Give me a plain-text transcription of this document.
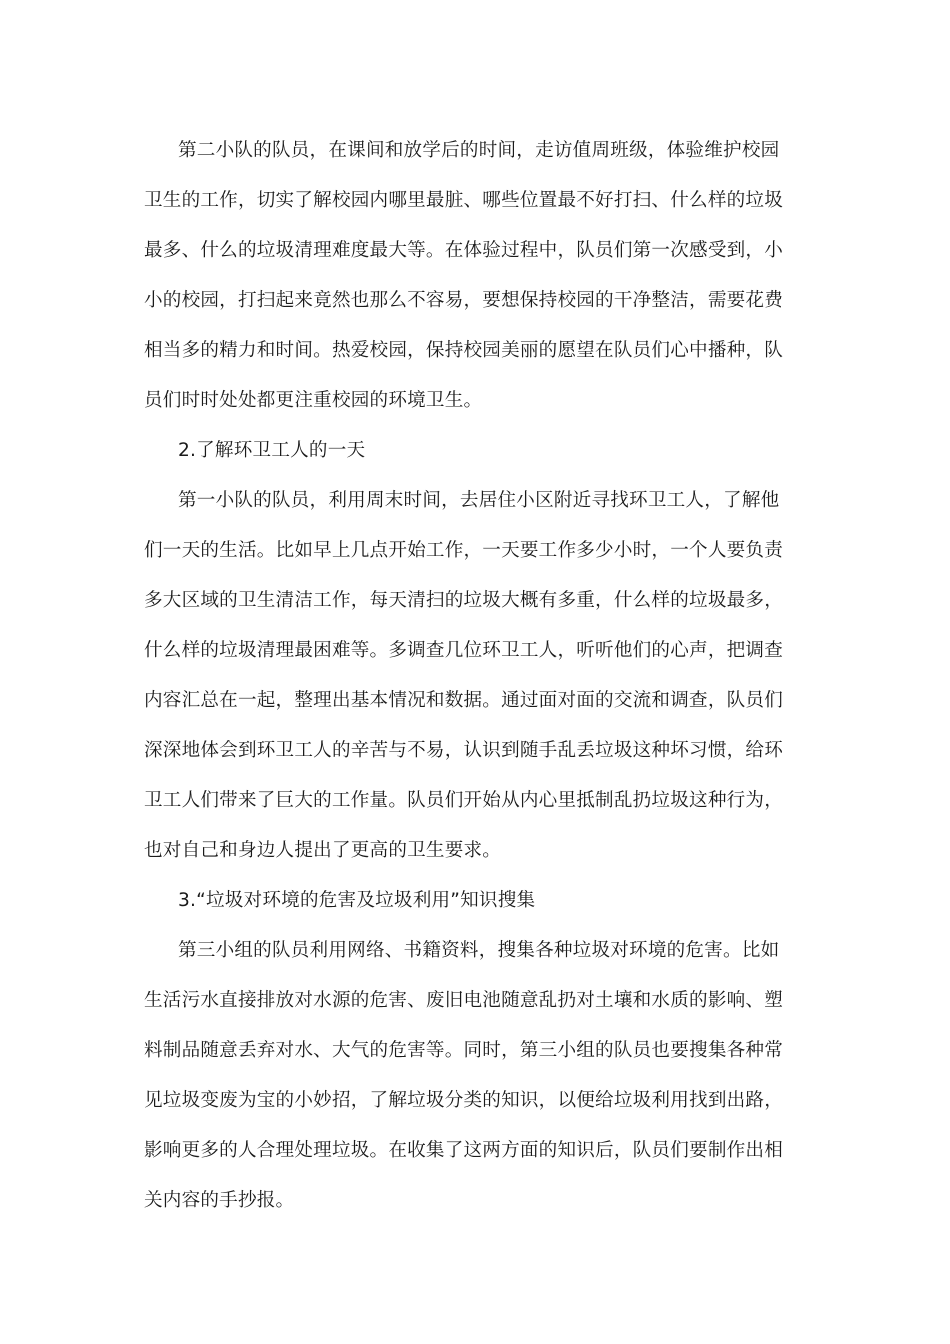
第二小队的队员，在课间和放学后的时间，走访值周班级，体验维护校园
卫生的工作，切实了解校园内哪里最脏、哪些位置最不好打扫、什么样的垃圾
最多、什么的垃圾清理难度最大等。在体验过程中，队员们第一次感受到，小
小的校园，打扫起来竟然也那么不容易，要想保持校园的干净整洁，需要花费
相当多的精力和时间。热爱校园，保持校园美丽的愿望在队员们心中播种，队
员们时时处处都更注重校园的环境卫生。
2.了解环卫工人的一天
第一小队的队员，利用周末时间，去居住小区附近寻找环卫工人，了解他
们一天的生活。比如早上几点开始工作，一天要工作多少小时，一个人要负责
多大区域的卫生清洁工作，每天清扫的垃圾大概有多重，什么样的垃圾最多，
什么样的垃圾清理最困难等。多调查几位环卫工人，听听他们的心声，把调查
内容汇总在一起，整理出基本情况和数据。通过面对面的交流和调查，队员们
深深地体会到环卫工人的辛苦与不易，认识到随手乱丢垃圾这种坏习惯，给环
卫工人们带来了巨大的工作量。队员们开始从内心里抵制乱扔垃圾这种行为，
也对自己和身边人提出了更高的卫生要求。
3.“垃圾对环境的危害及垃圾利用”知识搜集
第三小组的队员利用网络、书籍资料，搜集各种垃圾对环境的危害。比如
生活污水直接排放对水源的危害、废旧电池随意乱扔对土壤和水质的影响、塑
料制品随意丢弃对水、大气的危害等。同时，第三小组的队员也要搜集各种常
见垃圾变废为宝的小妙招，了解垃圾分类的知识，以便给垃圾利用找到出路，
影响更多的人合理处理垃圾。在收集了这两方面的知识后，队员们要制作出相
关内容的手抄报。
